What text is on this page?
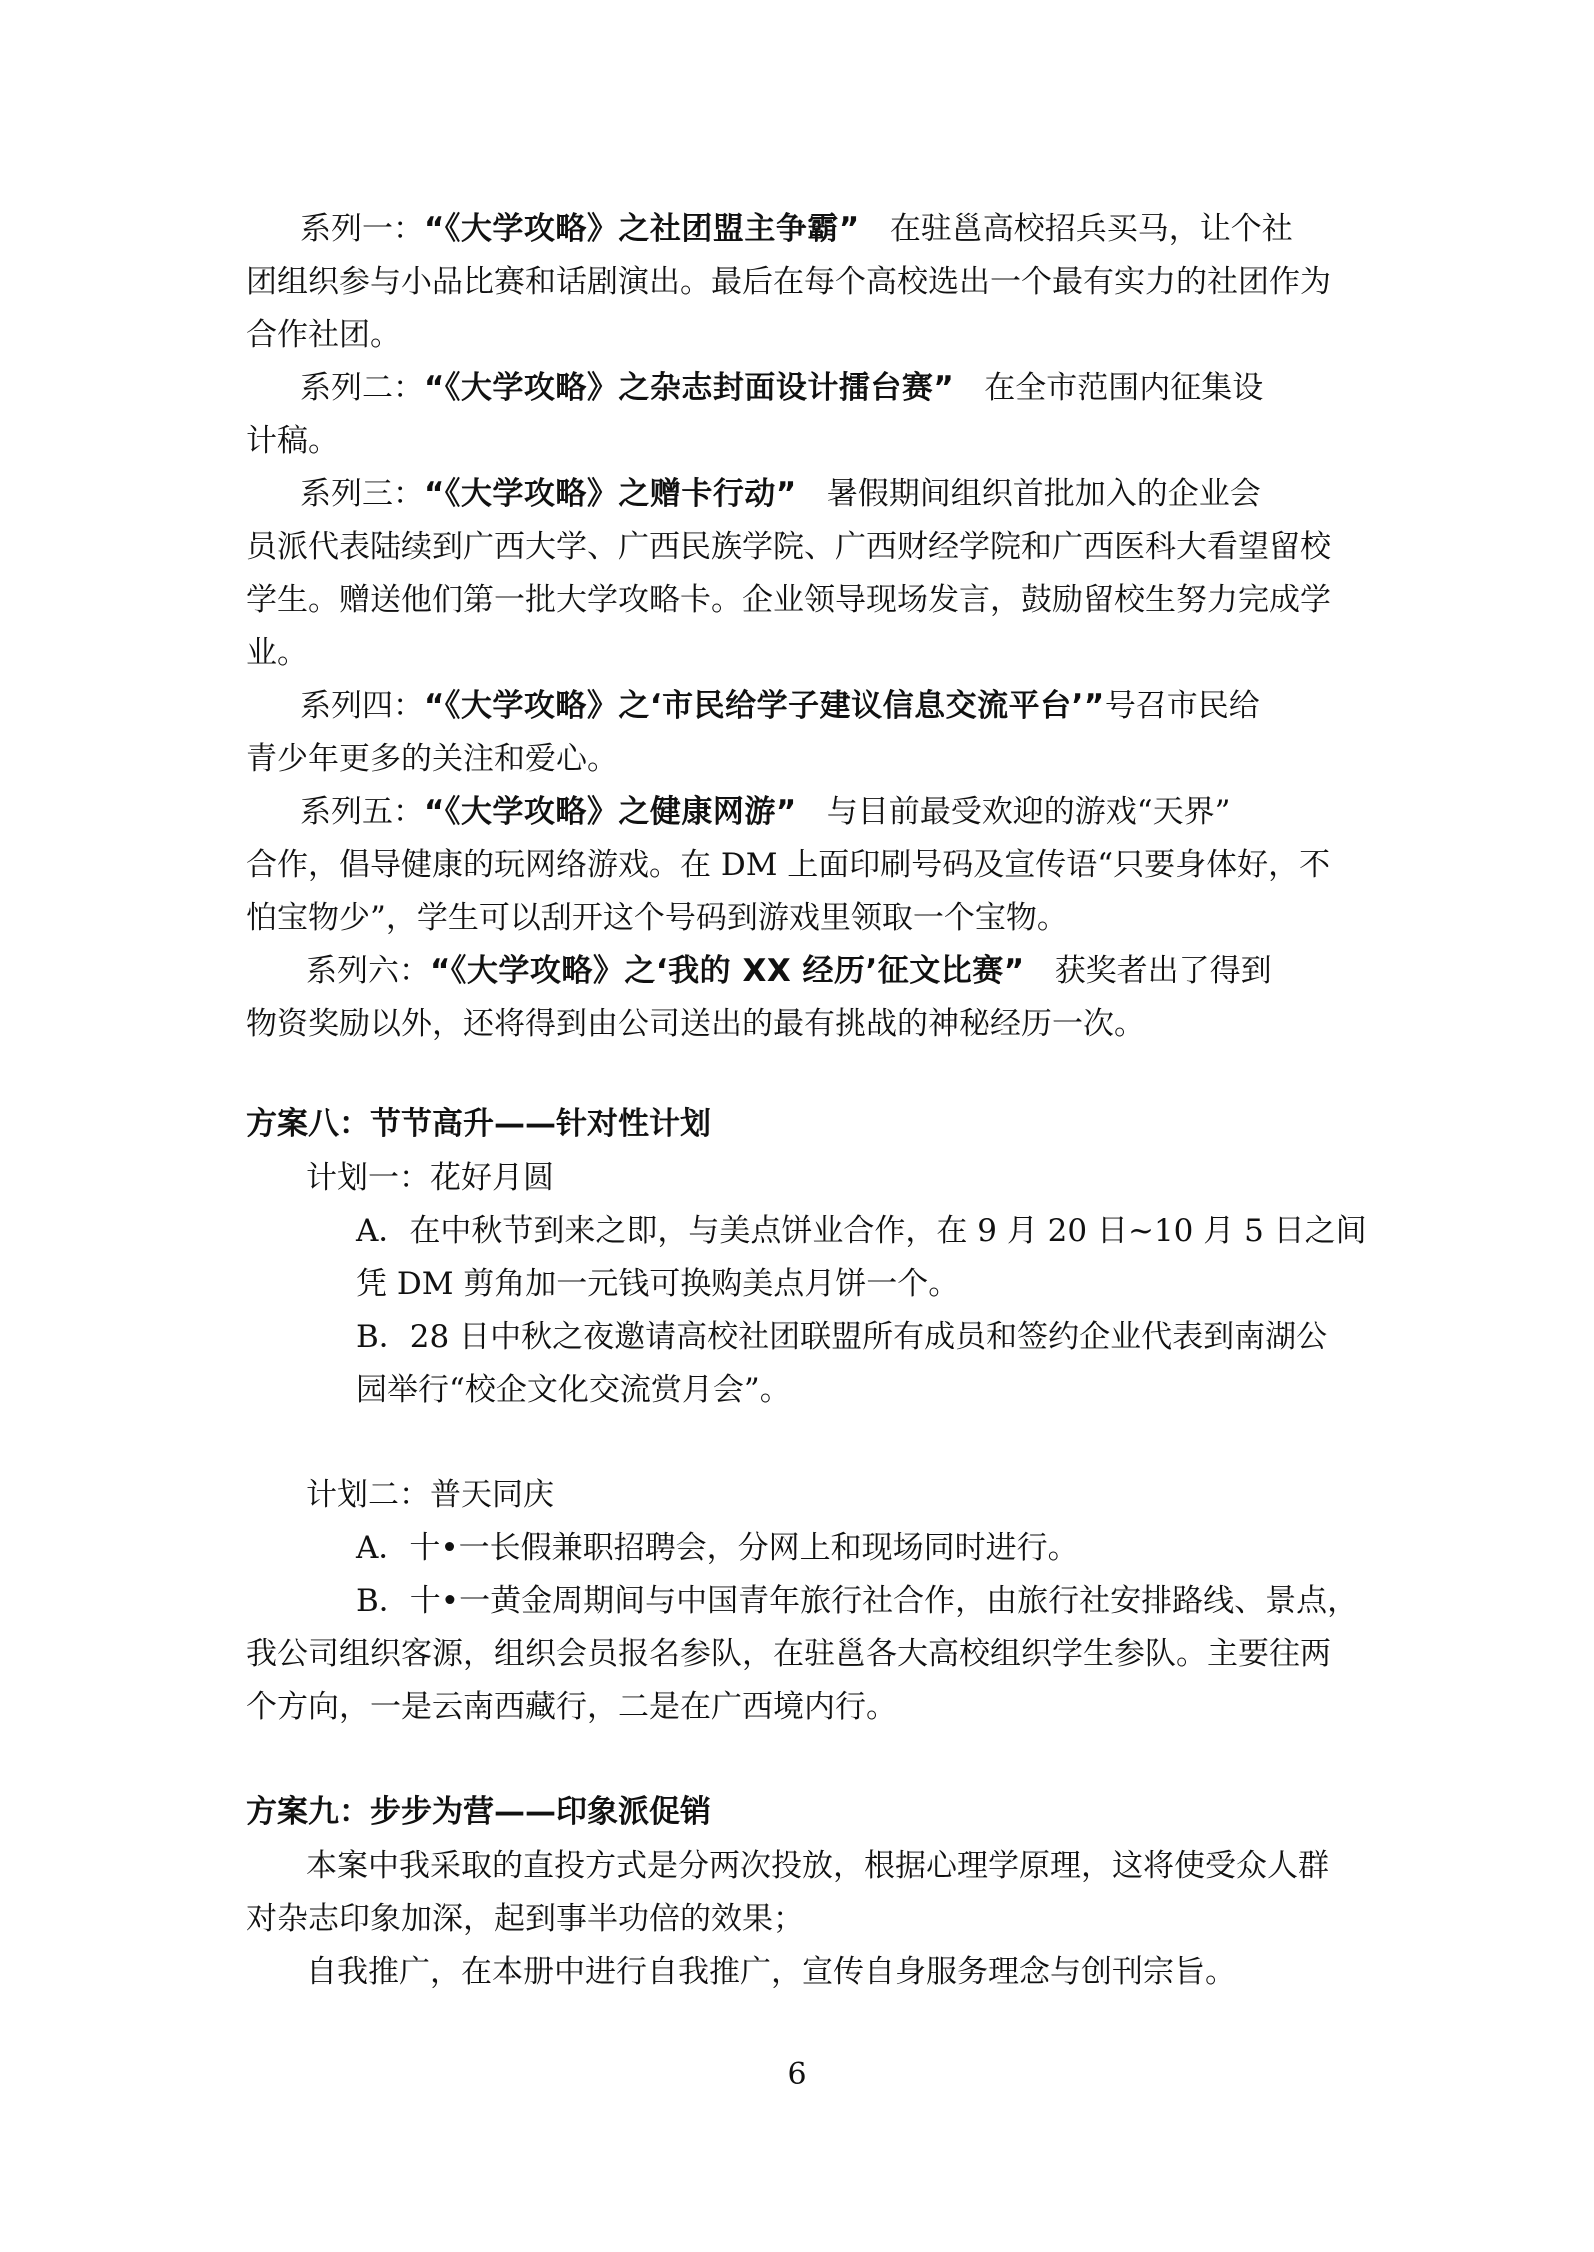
系列一：“《大学攻略》之社团盟主争霸” 在驻邕高校招兵买马，让个社
团组织参与小品比赛和话剧演出。最后在每个高校选出一个最有实力的社团作为
合作社团。
系列二：“《大学攻略》之杂志封面设计擂台赛” 在全市范围内征集设
计稿。
系列三：“《大学攻略》之赠卡行动” 暑假期间组织首批加入的企业会
员派代表陆续到广西大学、广西民族学院、广西财经学院和广西医科大看望留校
学生。赠送他们第一批大学攻略卡。企业领导现场发言，鼓励留校生努力完成学
业。
系列四：“《大学攻略》之‘市民给学子建议信息交流平台’”号召市民给
青少年更多的关注和爱心。
系列五：“《大学攻略》之健康网游” 与目前最受欢迎的游戏“天界”
合作，倡导健康的玩网络游戏。在 DM 上面印刷号码及宣传语“只要身体好，不
怕宝物少”，学生可以刮开这个号码到游戏里领取一个宝物。
系列六：“《大学攻略》之‘我的 XX 经历’征文比赛” 获奖者出了得到
物资奖励以外，还将得到由公司送出的最有挑战的神秘经历一次。
方案八：节节高升——针对性计划
计划一：花好月圆
A．在中秋节到来之即，与美点饼业合作，在 9 月 20 日~10 月 5 日之间
凭 DM 剪角加一元钱可换购美点月饼一个。
B．28 日中秋之夜邀请高校社团联盟所有成员和签约企业代表到南湖公
园举行“校企文化交流赏月会”。
计划二：普天同庆
A．十•一长假兼职招聘会，分网上和现场同时进行。
B．十•一黄金周期间与中国青年旅行社合作，由旅行社安排路线、景点，
我公司组织客源，组织会员报名参队，在驻邕各大高校组织学生参队。主要往两
个方向，一是云南西藏行，二是在广西境内行。
方案九：步步为营——印象派促销
本案中我采取的直投方式是分两次投放，根据心理学原理，这将使受众人群
对杂志印象加深，起到事半功倍的效果；
自我推广，在本册中进行自我推广，宣传自身服务理念与创刊宗旨。
6
